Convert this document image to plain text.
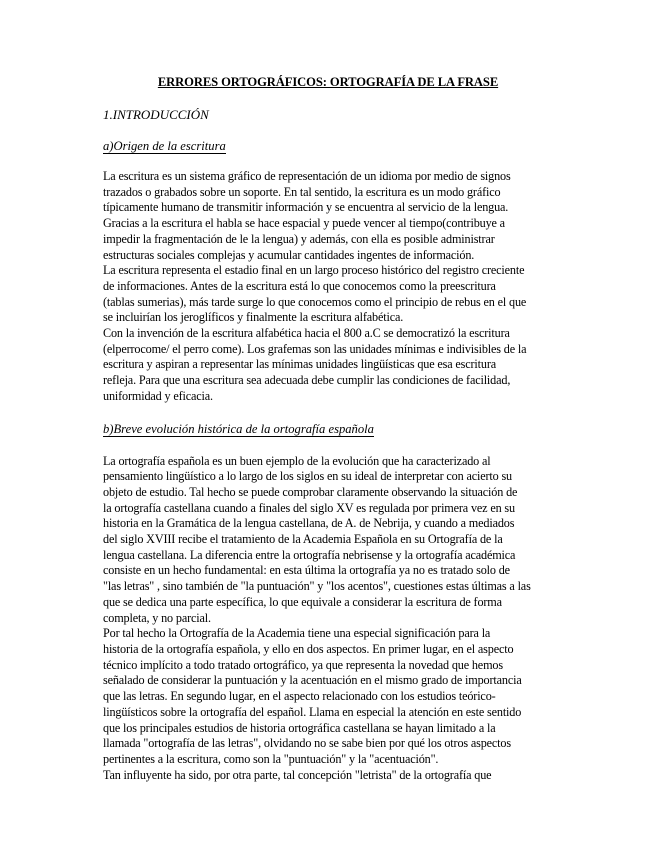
ERRORES ORTOGRÁFICOS: ORTOGRAFÍA DE LA FRASE
1.INTRODUCCIÓN
a)Origen de la escritura
La escritura es un sistema gráfico de representación de un idioma por medio de signos
trazados o grabados sobre un soporte. En tal sentido, la escritura es un modo gráfico
típicamente humano de transmitir información y se encuentra al servicio de la lengua.
Gracias a la escritura el habla se hace espacial y puede vencer al tiempo(contribuye a
impedir la fragmentación de le la lengua) y además, con ella es posible administrar
estructuras sociales complejas y acumular cantidades ingentes de información.
La escritura representa el estadio final en un largo proceso histórico del registro creciente
de informaciones. Antes de la escritura está lo que conocemos como la preescritura
(tablas sumerias), más tarde surge lo que conocemos como el principio de rebus en el que
se incluirían los jeroglíficos y finalmente la escritura alfabética.
Con la invención de la escritura alfabética hacia el 800 a.C se democratizó la escritura
(elperrocome/ el perro come). Los grafemas son las unidades mínimas e indivisibles de la
escritura y aspiran a representar las mínimas unidades lingüísticas que esa escritura
refleja. Para que una escritura sea adecuada debe cumplir las condiciones de facilidad,
uniformidad y eficacia.
b)Breve evolución histórica de la ortografía española
La ortografía española es un buen ejemplo de la evolución que ha caracterizado al
pensamiento lingüístico a lo largo de los siglos en su ideal de interpretar con acierto su
objeto de estudio. Tal hecho se puede comprobar claramente observando la situación de
la ortografía castellana cuando a finales del siglo XV es regulada por primera vez en su
historia en la Gramática de la lengua castellana, de A. de Nebrija, y cuando a mediados
del siglo XVIII recibe el tratamiento de la Academia Española en su Ortografía de la
lengua castellana. La diferencia entre la ortografía nebrisense y la ortografía académica
consiste en un hecho fundamental: en esta última la ortografía ya no es tratado solo de
"las letras" , sino también de "la puntuación" y "los acentos", cuestiones estas últimas a las
que se dedica una parte específica, lo que equivale a considerar la escritura de forma
completa, y no parcial.
Por tal hecho la Ortografía de la Academia tiene una especial significación para la
historia de la ortografía española, y ello en dos aspectos. En primer lugar, en el aspecto
técnico implícito a todo tratado ortográfico, ya que representa la novedad que hemos
señalado de considerar la puntuación y la acentuación en el mismo grado de importancia
que las letras. En segundo lugar, en el aspecto relacionado con los estudios teórico-
lingüísticos sobre la ortografía del español. Llama en especial la atención en este sentido
que los principales estudios de historia ortográfica castellana se hayan limitado a la
llamada "ortografía de las letras", olvidando no se sabe bien por qué los otros aspectos
pertinentes a la escritura, como son la "puntuación" y la "acentuación".
Tan influyente ha sido, por otra parte, tal concepción "letrista" de la ortografía que
